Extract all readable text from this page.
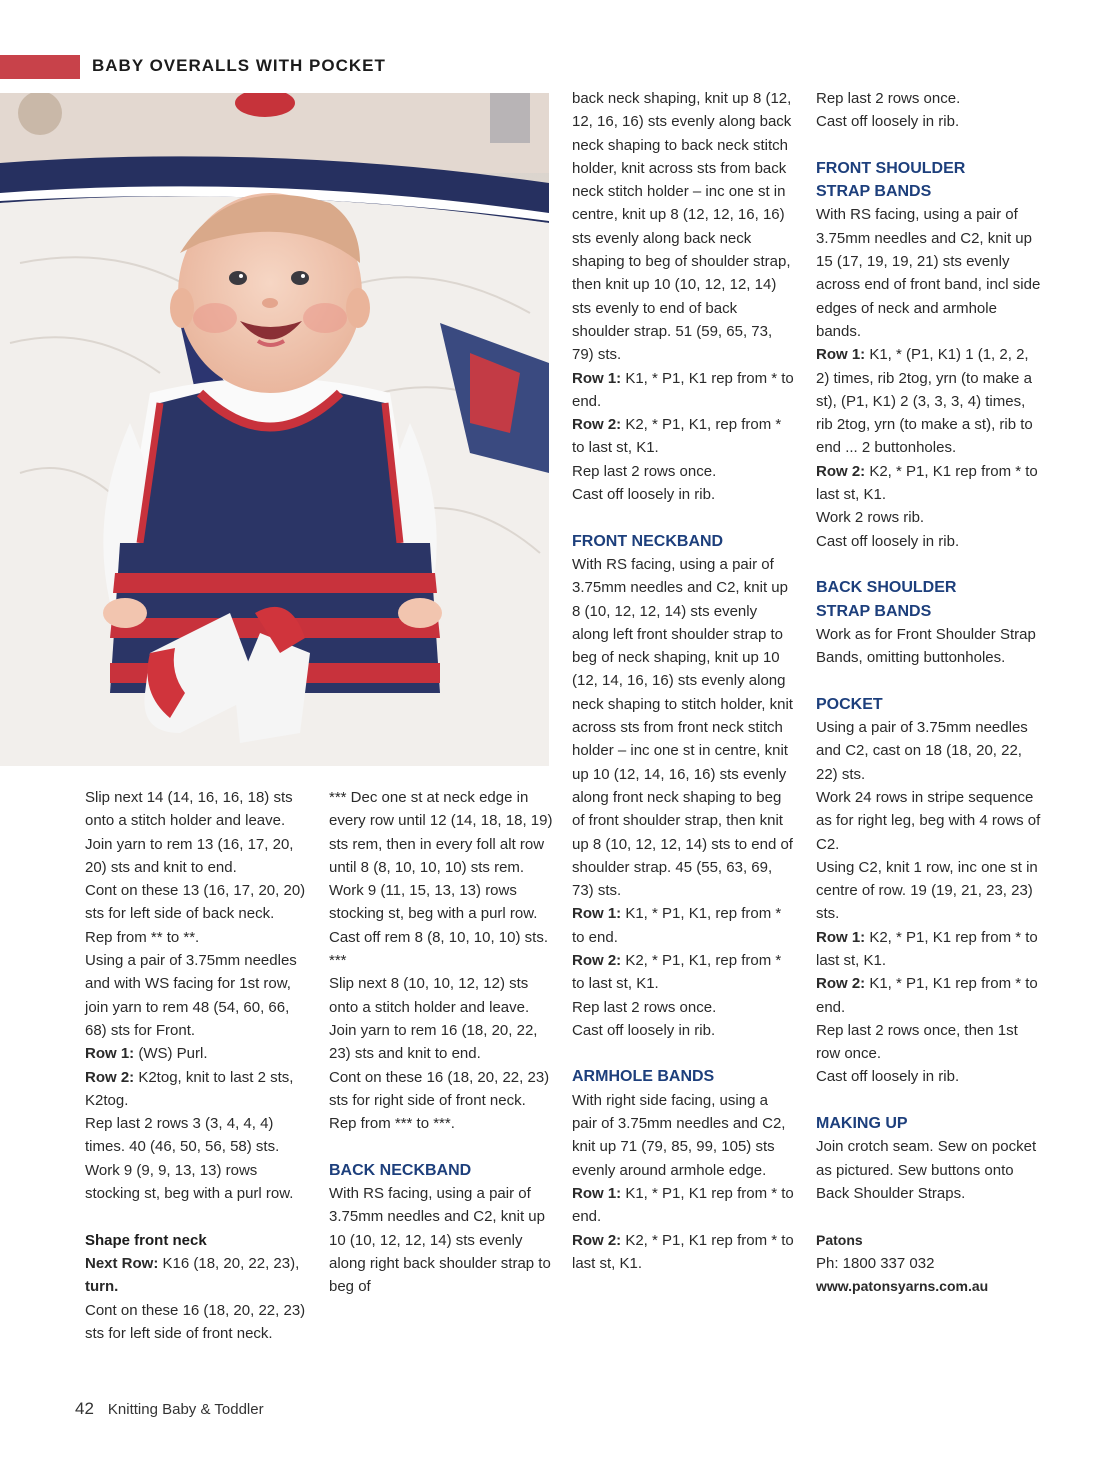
BABY OVERALLS WITH POCKET

Slip next 14 (14, 16, 16, 18) sts onto a stitch holder and leave. Join yarn to rem 13 (16, 17, 20, 20) sts and knit to end.

Cont on these 13 (16, 17, 20, 20) sts for left side of back neck.

Rep from ** to **.

Using a pair of 3.75mm needles and with WS facing for 1st row, join yarn to rem 48 (54, 60, 66, 68) sts for Front.

Row 1: (WS) Purl.

Row 2: K2tog, knit to last 2 sts, K2tog.

Rep last 2 rows 3 (3, 4, 4, 4) times. 40 (46, 50, 56, 58) sts.

Work 9 (9, 9, 13, 13) rows stocking st, beg with a purl row.

Shape front neck

Next Row: K16 (18, 20, 22, 23), turn.

Cont on these 16 (18, 20, 22, 23) sts for left side of front neck.

*** Dec one st at neck edge in every row until 12 (14, 18, 18, 19) sts rem, then in every foll alt row until 8 (8, 10, 10, 10) sts rem.

Work 9 (11, 15, 13, 13) rows stocking st, beg with a purl row.

Cast off rem 8 (8, 10, 10, 10) sts. ***

Slip next 8 (10, 10, 12, 12) sts onto a stitch holder and leave. Join yarn to rem 16 (18, 20, 22, 23) sts and knit to end.

Cont on these 16 (18, 20, 22, 23) sts for right side of front neck.

Rep from *** to ***.

BACK NECKBAND

With RS facing, using a pair of 3.75mm needles and C2, knit up 10 (10, 12, 12, 14) sts evenly along right back shoulder strap to beg of

back neck shaping, knit up 8 (12, 12, 16, 16) sts evenly along back neck shaping to back neck stitch holder, knit across sts from back neck stitch holder – inc one st in centre, knit up 8 (12, 12, 16, 16) sts evenly along back neck shaping to beg of shoulder strap, then knit up 10 (10, 12, 12, 14) sts evenly to end of back shoulder strap. 51 (59, 65, 73, 79) sts.

Row 1: K1, * P1, K1 rep from * to end.

Row 2: K2, * P1, K1, rep from * to last st, K1.

Rep last 2 rows once.

Cast off loosely in rib.

FRONT NECKBAND

With RS facing, using a pair of 3.75mm needles and C2, knit up 8 (10, 12, 12, 14) sts evenly along left front shoulder strap to beg of neck shaping, knit up 10 (12, 14, 16, 16) sts evenly along neck shaping to stitch holder, knit across sts from front neck stitch holder – inc one st in centre, knit up 10 (12, 14, 16, 16) sts evenly along front neck shaping to beg of front shoulder strap, then knit up 8 (10, 12, 12, 14) sts to end of shoulder strap. 45 (55, 63, 69, 73) sts.

Row 1: K1, * P1, K1, rep from * to end.

Row 2: K2, * P1, K1, rep from * to last st, K1.

Rep last 2 rows once.

Cast off loosely in rib.

ARMHOLE BANDS

With right side facing, using a pair of 3.75mm needles and C2, knit up 71 (79, 85, 99, 105) sts evenly around armhole edge.

Row 1: K1, * P1, K1 rep from * to end.

Row 2: K2, * P1, K1 rep from * to last st, K1.

Rep last 2 rows once.

Cast off loosely in rib.

FRONT SHOULDER
STRAP BANDS

With RS facing, using a pair of 3.75mm needles and C2, knit up 15 (17, 19, 19, 21) sts evenly across end of front band, incl side edges of neck and armhole bands.

Row 1: K1, * (P1, K1) 1 (1, 2, 2, 2) times, rib 2tog, yrn (to make a st), (P1, K1) 2 (3, 3, 3, 4) times, rib 2tog, yrn (to make a st), rib to end ... 2 buttonholes.

Row 2: K2, * P1, K1 rep from * to last st, K1.

Work 2 rows rib.

Cast off loosely in rib.

BACK SHOULDER
STRAP BANDS

Work as for Front Shoulder Strap Bands, omitting buttonholes.

POCKET

Using a pair of 3.75mm needles and C2, cast on 18 (18, 20, 22, 22) sts.

Work 24 rows in stripe sequence as for right leg, beg with 4 rows of C2.

Using C2, knit 1 row, inc one st in centre of row. 19 (19, 21, 23, 23) sts.

Row 1: K2, * P1, K1 rep from * to last st, K1.

Row 2: K1, * P1, K1 rep from * to end.

Rep last 2 rows once, then 1st row once.

Cast off loosely in rib.

MAKING UP

Join crotch seam. Sew on pocket as pictured. Sew buttons onto Back Shoulder Straps.

Patons

Ph: 1800 337 032

www.patonsyarns.com.au

42 Knitting Baby & Toddler
